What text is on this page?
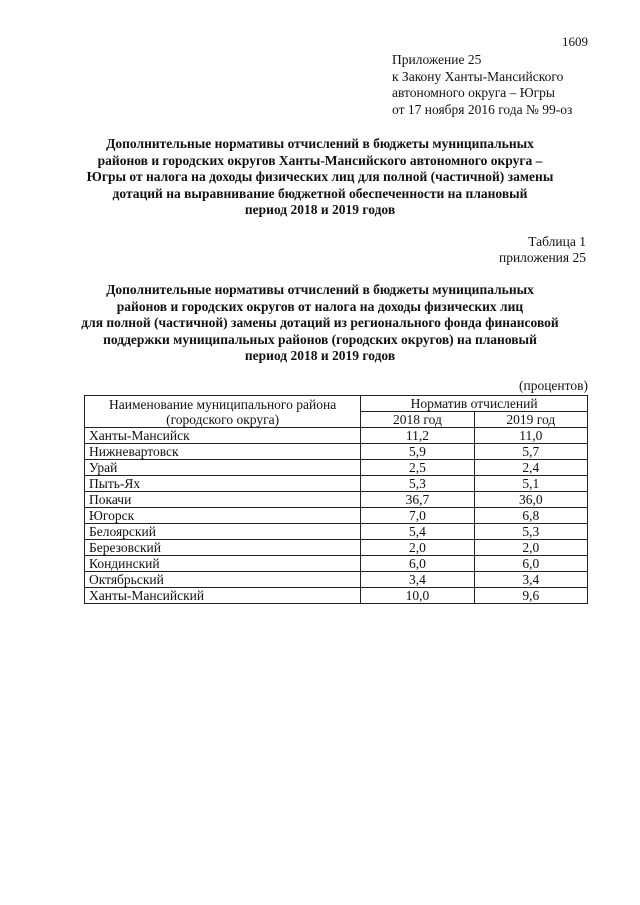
1609
Приложение 25
к Закону Ханты-Мансийского
автономного округа – Югры
от 17 ноября 2016 года № 99-оз
Дополнительные нормативы отчислений в бюджеты муниципальных
районов и городских округов Ханты-Мансийского автономного округа –
Югры от налога на доходы физических лиц для полной (частичной) замены
дотаций на выравнивание бюджетной обеспеченности на плановый
период 2018 и 2019 годов
Таблица 1
приложения 25
Дополнительные нормативы отчислений в бюджеты муниципальных
районов и городских округов от налога на доходы физических лиц
для полной (частичной) замены дотаций из регионального фонда финансовой
поддержки муниципальных районов (городских округов) на плановый
период 2018 и 2019 годов
(процентов)
Наименование муниципального района
(городского округа)	Норматив отчислений	
	2018 год	2019 год
Ханты-Мансийск	11,2	11,0
Нижневартовск	5,9	5,7
Урай	2,5	2,4
Пыть-Ях	5,3	5,1
Покачи	36,7	36,0
Югорск	7,0	6,8
Белоярский	5,4	5,3
Березовский	2,0	2,0
Кондинский	6,0	6,0
Октябрьский	3,4	3,4
Ханты-Мансийский	10,0	9,6
